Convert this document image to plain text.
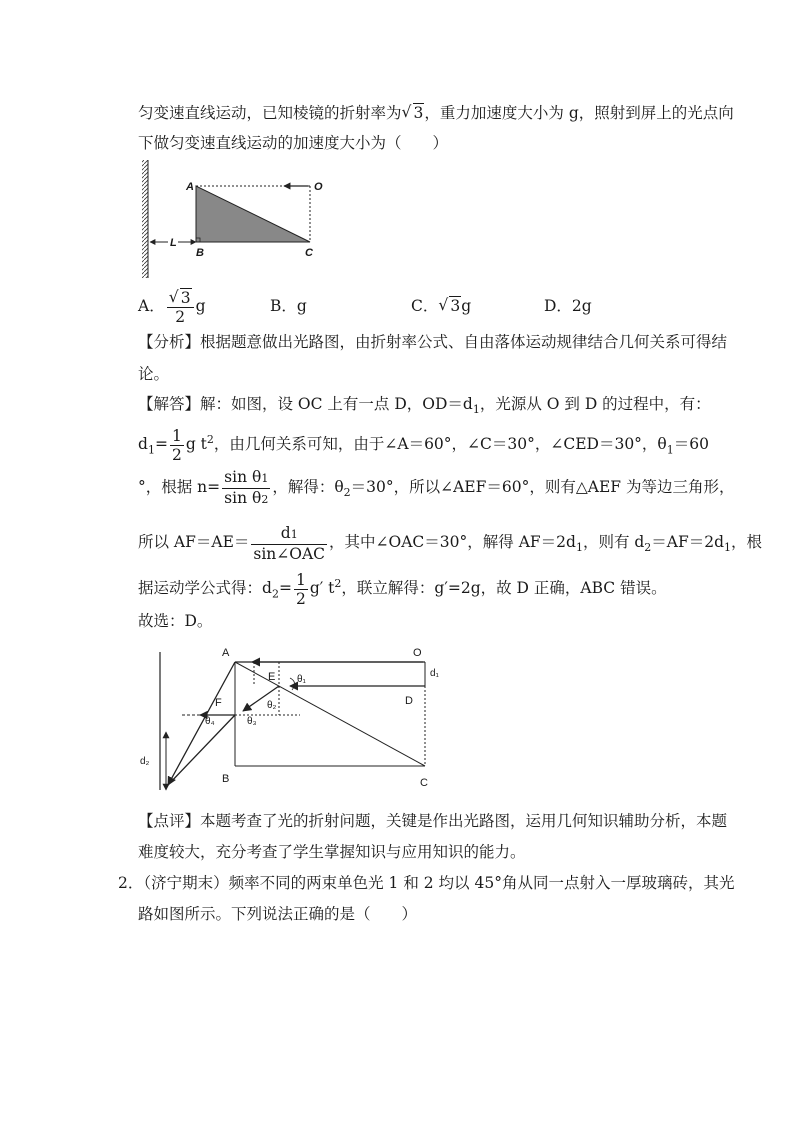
匀变速直线运动，已知棱镜的折射率为 √ 3，重力加速度大小为 g，照射到屏上的光点向
下做匀变速直线运动的加速度大小为（　　）
A	O
B	C
L
A． √ $\frac{3}{2}$ g	B．g	C． √ 3g	D．2g
【分析】根据题意做出光路图，由折射率公式、自由落体运动规律结合几何关系可得结
论。
【解答】解：如图，设 OC 上有一点 D，$OD=d_1$，光源从 O 到 D 的过程中，有：
$d_1= \frac{1}{2}$ g $t^2$，由几何关系可知，由于∠A＝60°，∠C＝30°，∠CED＝30°，$\theta_1=60$
°，根据 $n= \frac{\text{sin θ1}}{\text{sin θ2}}$ ，解得：$\theta_2=30^\circ$，所以∠AEF＝60°，则有△AEF 为等边三角形，
所以 $AF=AE= \frac{d1}{\text{sin∠OAC}}$ ，其中∠OAC＝30°，解得 $AF=2d_1$，则有 $d_2=AF=2d_1$，根
据运动学公式得：$d_2= \frac{1}{2} g'$ $t^2$，联立解得：g′=2g，故 D 正确，ABC 错误。
故选：D。
A	O
E θ₁
d₁
D
F	θ₂
θ₃
θ₄
d₂
B	C
【点评】本题考查了光的折射问题，关键是作出光路图，运用几何知识辅助分析，本题
难度较大，充分考查了学生掌握知识与应用知识的能力。
2．（济宁期末）频率不同的两束单色光 1 和 2 均以 45°角从同一点射入一厚玻璃砖，其光
路如图所示。下列说法正确的是（　　）
